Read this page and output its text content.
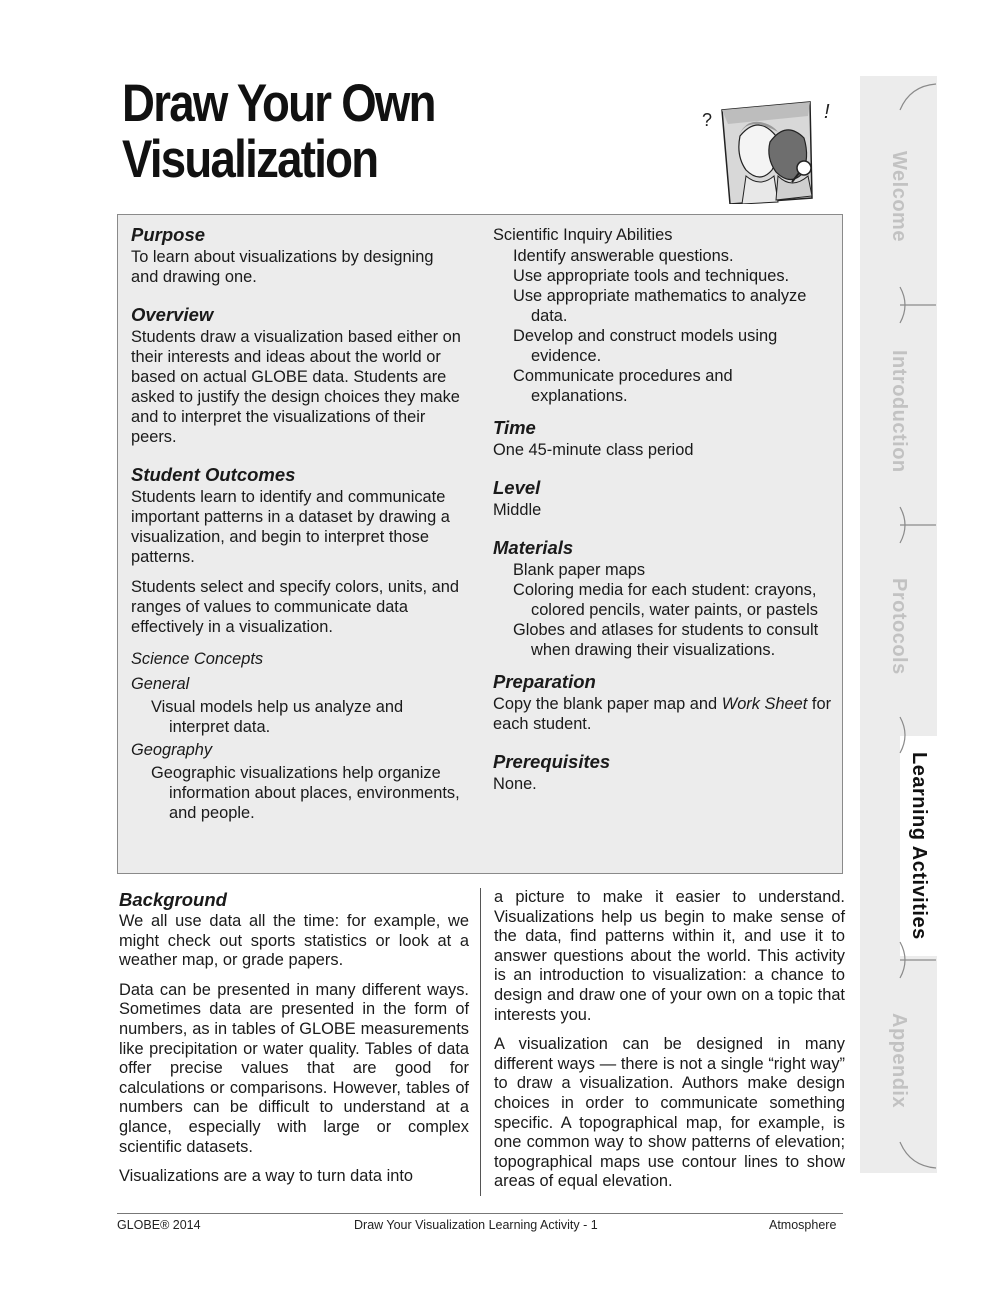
Draw Your Own
Visualization
?	!
Purpose

To learn about visualizations by designing and drawing one.

Overview

Students draw a visualization based either on their interests and ideas about the world or based on actual GLOBE data. Students are asked to justify the design choices they make and to interpret the visualizations of their peers.

Student Outcomes

Students learn to identify and communicate important patterns in a dataset by drawing a visualization, and begin to interpret those patterns.

Students select and specify colors, units, and ranges of values to communicate data effectively in a visualization.

Science Concepts

General

Visual models help us analyze and interpret data.

Geography

Geographic visualizations help organize information about places, environments, and people.

Scientific Inquiry Abilities

Identify answerable questions.

Use appropriate tools and techniques.

Use appropriate mathematics to analyze data.

Develop and construct models using evidence.

Communicate procedures and explanations.

Time

One 45-minute class period

Level

Middle

Materials

Blank paper maps

Coloring media for each student: crayons, colored pencils, water paints, or pastels

Globes and atlases for students to consult when drawing their visualizations.

Preparation

Copy the blank paper map and Work Sheet for each student.

Prerequisites

None.

Background

We all use data all the time: for example, we might check out sports statistics or look at a weather map, or grade papers.

Data can be presented in many different ways. Sometimes data are presented in the form of numbers, as in tables of GLOBE measurements like precipitation or water quality. Tables of data offer precise values that are good for calculations or comparisons. However, tables of numbers can be difficult to understand at a glance, especially with large or complex scientific datasets.

Visualizations are a way to turn data into

a picture to make it easier to understand. Visualizations help us begin to make sense of the data, find patterns within it, and use it to answer questions about the world. This activity is an introduction to visualization: a chance to design and draw one of your own on a topic that interests you.

A visualization can be designed in many different ways — there is not a single “right way” to draw a visualization. Authors make design choices in order to communicate something specific. A topographical map, for example, is one common way to show patterns of elevation; topographical maps use contour lines to show areas of equal elevation.

GLOBE® 2014	Draw Your Visualization Learning Activity - 1	Atmosphere
Welcome
Introduction
Protocols
Learning Activities
Appendix
